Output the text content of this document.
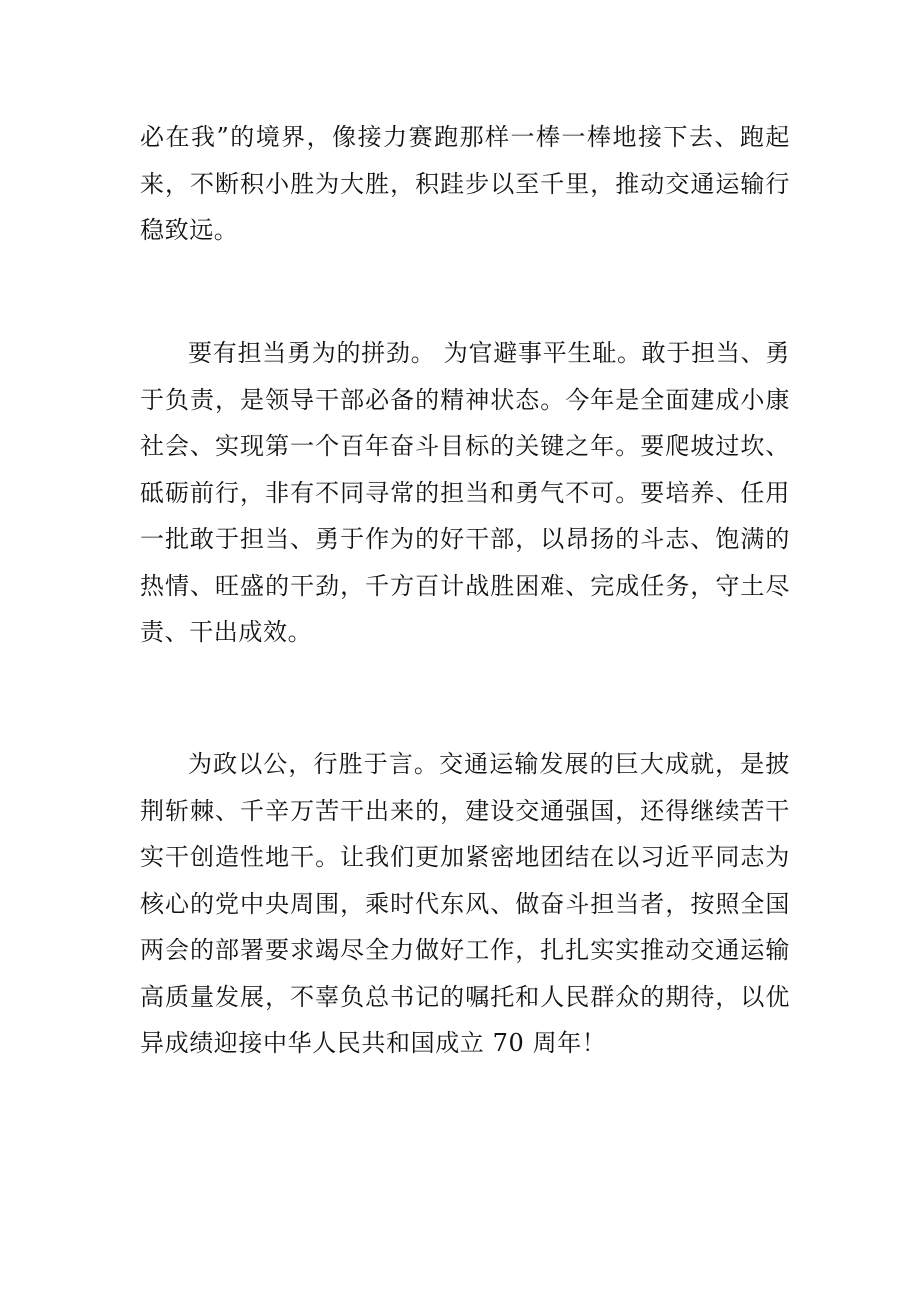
必在我”的境界，像接力赛跑那样一棒一棒地接下去、跑起来，不断积小胜为大胜，积跬步以至千里，推动交通运输行稳致远。

要有担当勇为的拼劲。 为官避事平生耻。敢于担当、勇于负责，是领导干部必备的精神状态。今年是全面建成小康社会、实现第一个百年奋斗目标的关键之年。要爬坡过坎、砥砺前行，非有不同寻常的担当和勇气不可。要培养、任用一批敢于担当、勇于作为的好干部，以昂扬的斗志、饱满的热情、旺盛的干劲，千方百计战胜困难、完成任务，守土尽责、干出成效。

为政以公，行胜于言。交通运输发展的巨大成就，是披荆斩棘、千辛万苦干出来的，建设交通强国，还得继续苦干实干创造性地干。让我们更加紧密地团结在以习近平同志为核心的党中央周围，乘时代东风、做奋斗担当者，按照全国两会的部署要求竭尽全力做好工作，扎扎实实推动交通运输高质量发展，不辜负总书记的嘱托和人民群众的期待，以优异成绩迎接中华人民共和国成立 70 周年！
